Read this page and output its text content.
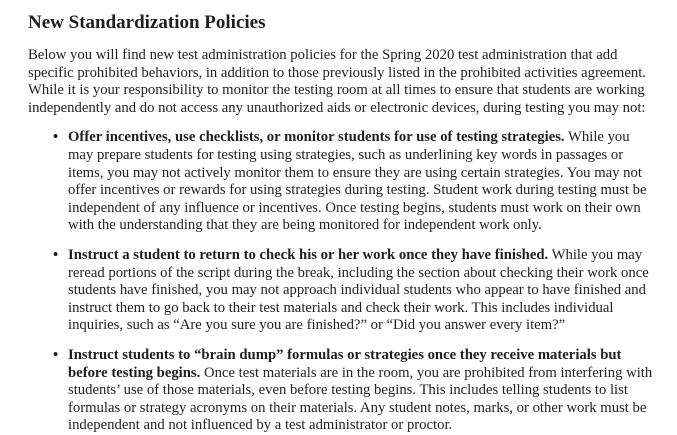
New Standardization Policies

Below you will find new test administration policies for the Spring 2020 test administration that add specific prohibited behaviors, in addition to those previously listed in the prohibited activities agreement. While it is your responsibility to monitor the testing room at all times to ensure that students are working independently and do not access any unauthorized aids or electronic devices, during testing you may not:

• Offer incentives, use checklists, or monitor students for use of testing strategies. While you may prepare students for testing using strategies, such as underlining key words in passages or items, you may not actively monitor them to ensure they are using certain strategies. You may not offer incentives or rewards for using strategies during testing. Student work during testing must be independent of any influence or incentives. Once testing begins, students must work on their own with the understanding that they are being monitored for independent work only.
• Instruct a student to return to check his or her work once they have finished. While you may reread portions of the script during the break, including the section about checking their work once students have finished, you may not approach individual students who appear to have finished and instruct them to go back to their test materials and check their work. This includes individual inquiries, such as “Are you sure you are finished?” or “Did you answer every item?”
• Instruct students to “brain dump” formulas or strategies once they receive materials but before testing begins. Once test materials are in the room, you are prohibited from interfering with students’ use of those materials, even before testing begins. This includes telling students to list formulas or strategy acronyms on their materials. Any student notes, marks, or other work must be independent and not influenced by a test administrator or proctor.
